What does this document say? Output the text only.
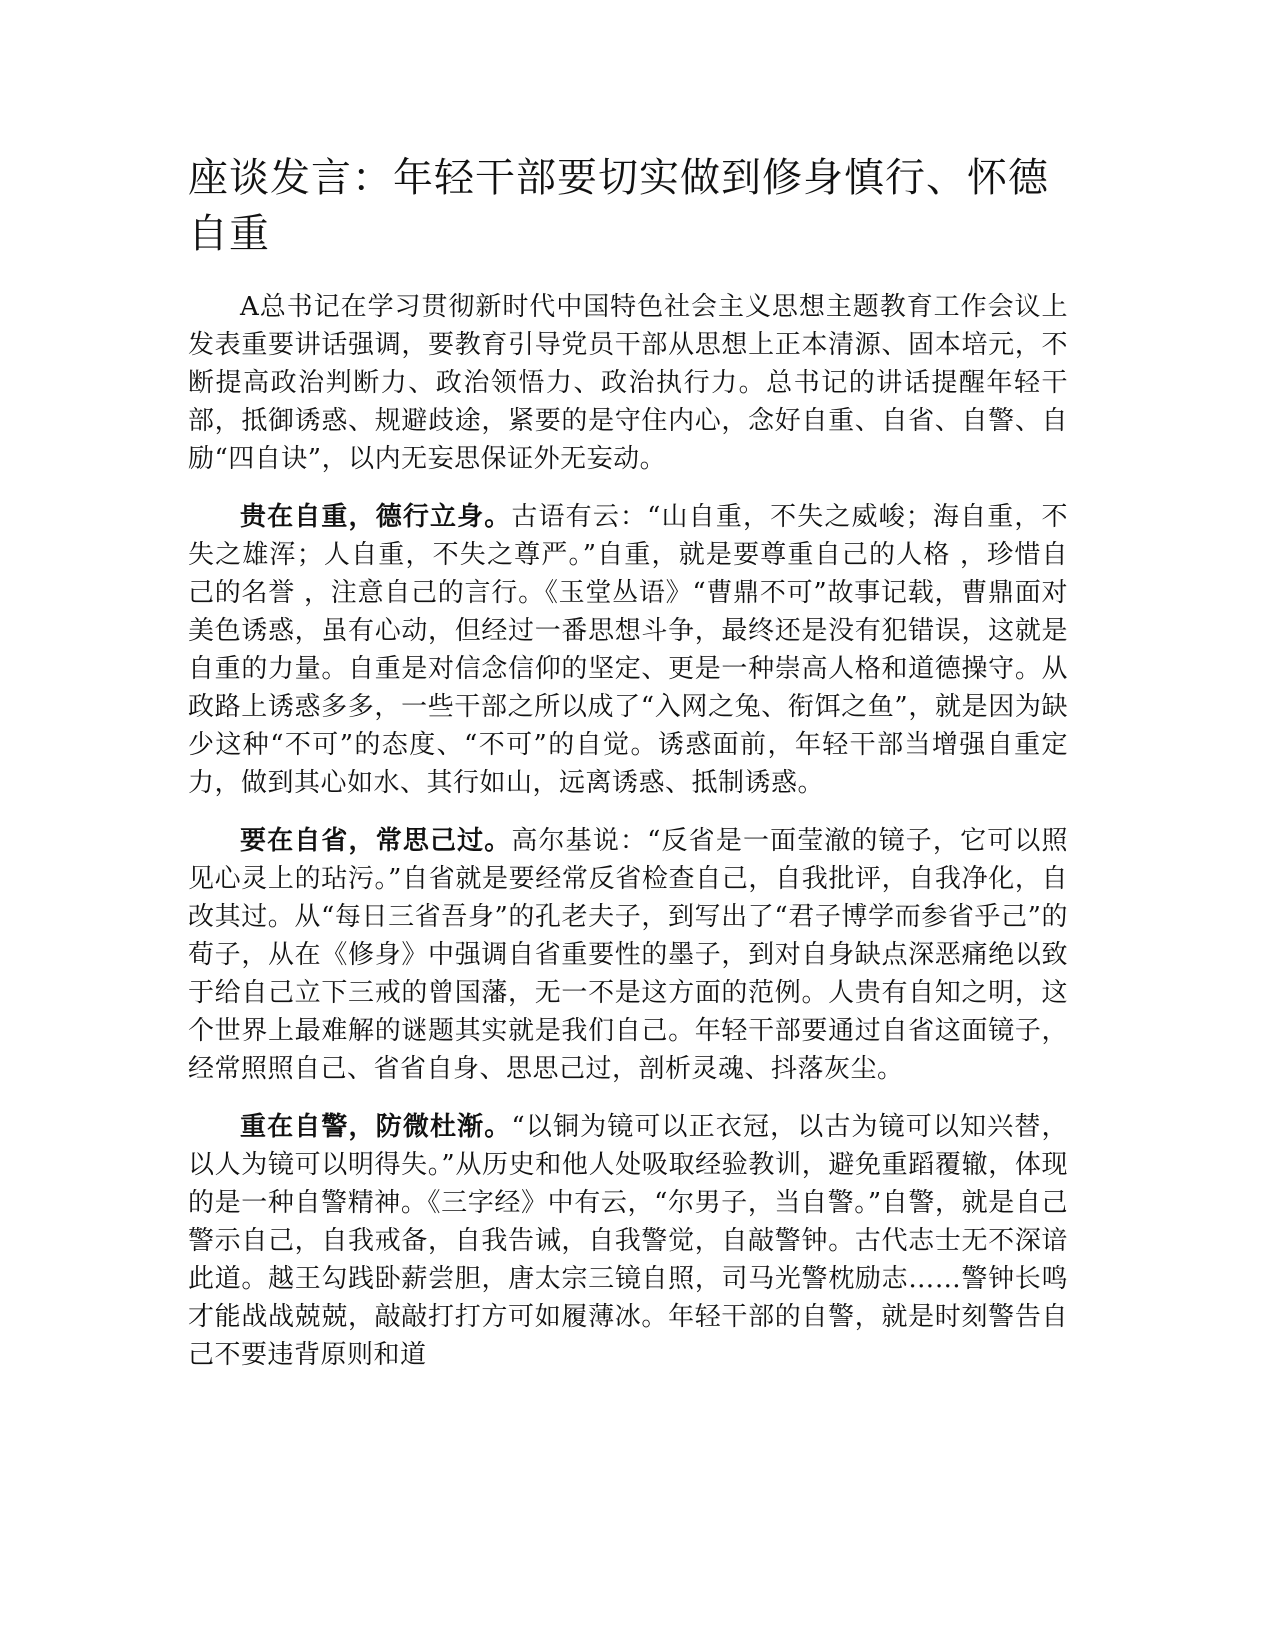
座谈发言：年轻干部要切实做到修身慎行、怀德自重

A总书记在学习贯彻新时代中国特色社会主义思想主题教育工作会议上发表重要讲话强调，要教育引导党员干部从思想上正本清源、固本培元，不断提高政治判断力、政治领悟力、政治执行力。总书记的讲话提醒年轻干部，抵御诱惑、规避歧途，紧要的是守住内心，念好自重、自省、自警、自励“四自诀”，以内无妄思保证外无妄动。

贵在自重，德行立身。古语有云：“山自重，不失之威峻；海自重，不失之雄浑；人自重，不失之尊严。”自重，就是要尊重自己的人格 ，珍惜自己的名誉 ，注意自己的言行。《玉堂丛语》“曹鼎不可”故事记载，曹鼎面对美色诱惑，虽有心动，但经过一番思想斗争，最终还是没有犯错误，这就是自重的力量。自重是对信念信仰的坚定、更是一种崇高人格和道德操守。从政路上诱惑多多，一些干部之所以成了“入网之兔、衔饵之鱼”，就是因为缺少这种“不可”的态度、“不可”的自觉。诱惑面前，年轻干部当增强自重定力，做到其心如水、其行如山，远离诱惑、抵制诱惑。

要在自省，常思己过。高尔基说：“反省是一面莹澈的镜子，它可以照见心灵上的玷污。”自省就是要经常反省检查自己，自我批评，自我净化，自改其过。从“每日三省吾身”的孔老夫子，到写出了“君子博学而参省乎己”的荀子，从在《修身》中强调自省重要性的墨子，到对自身缺点深恶痛绝以致于给自己立下三戒的曾国藩，无一不是这方面的范例。人贵有自知之明，这个世界上最难解的谜题其实就是我们自己。年轻干部要通过自省这面镜子，经常照照自己、省省自身、思思己过，剖析灵魂、抖落灰尘。

重在自警，防微杜渐。“以铜为镜可以正衣冠，以古为镜可以知兴替，以人为镜可以明得失。”从历史和他人处吸取经验教训，避免重蹈覆辙，体现的是一种自警精神。《三字经》中有云，“尔男子，当自警。”自警，就是自己警示自己，自我戒备，自我告诫，自我警觉，自敲警钟。古代志士无不深谙此道。越王勾践卧薪尝胆，唐太宗三镜自照，司马光警枕励志……警钟长鸣才能战战兢兢，敲敲打打方可如履薄冰。年轻干部的自警，就是时刻警告自己不要违背原则和道
